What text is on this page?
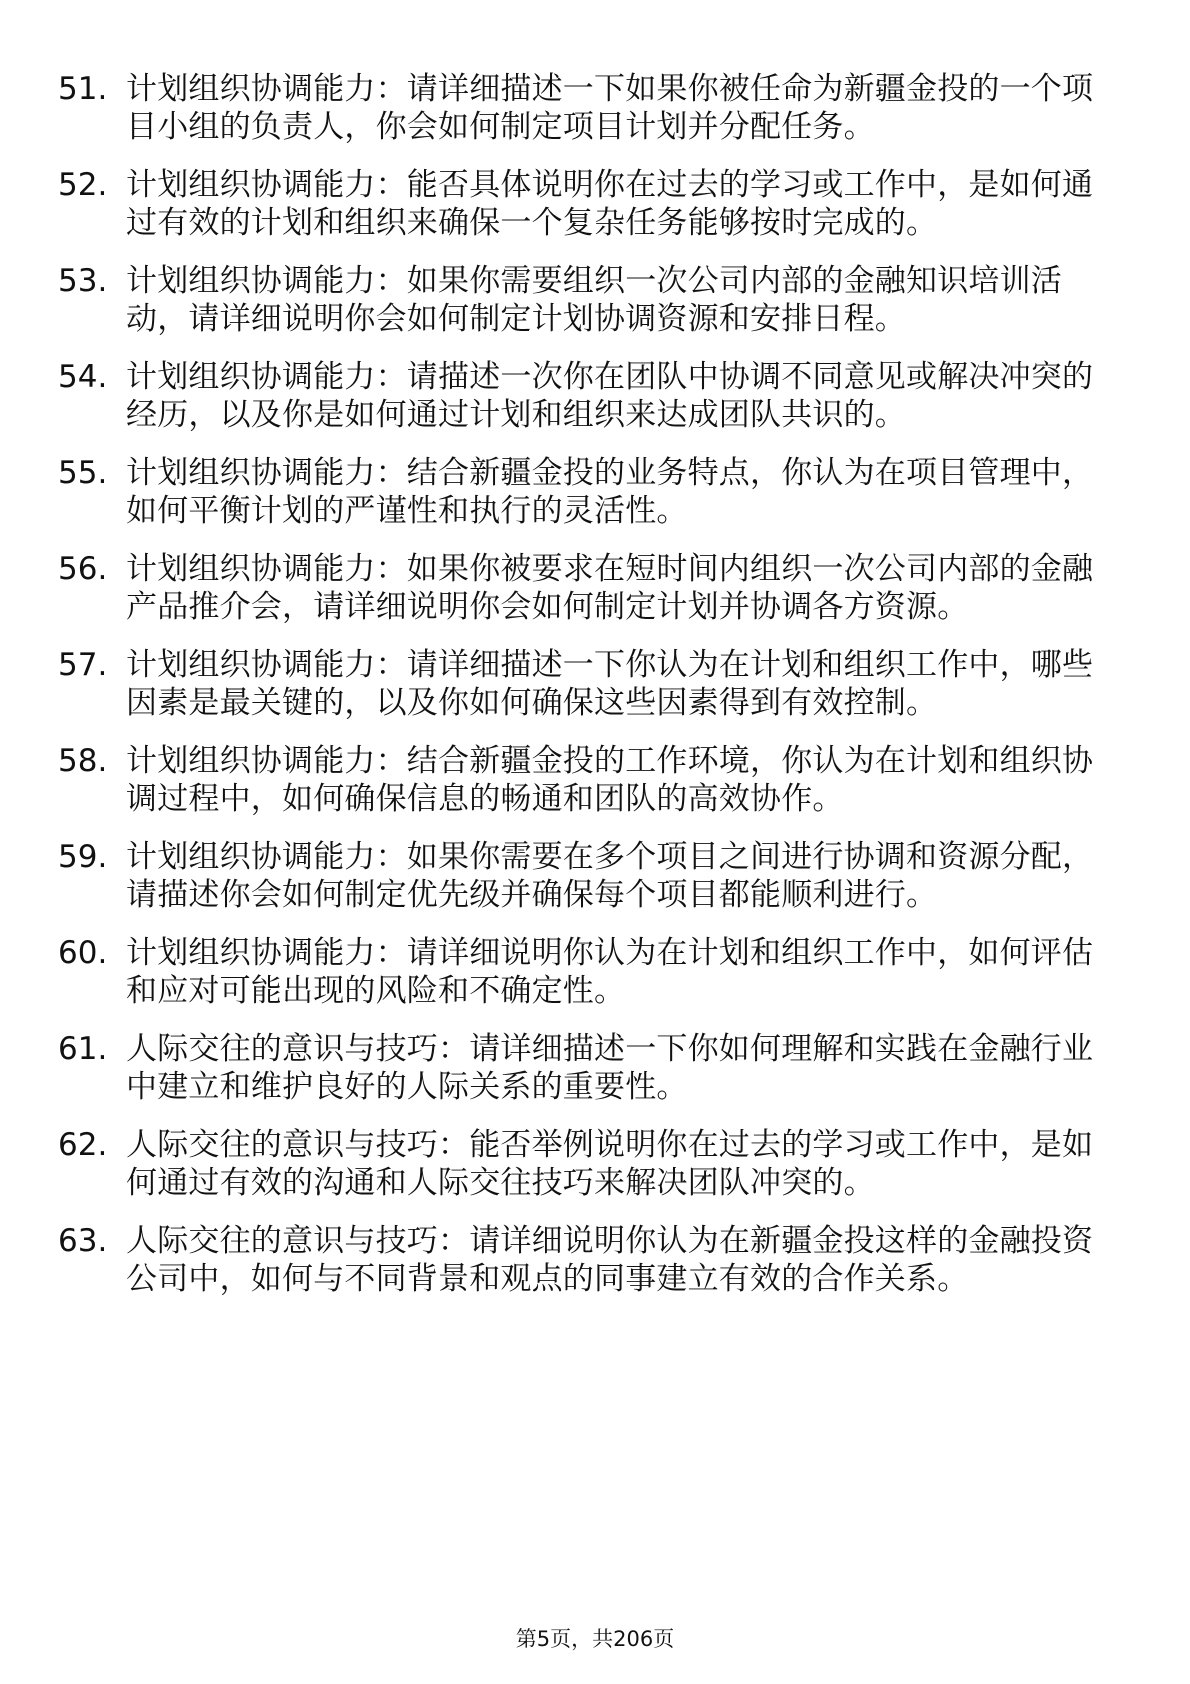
51. 计划组织协调能力：请详细描述一下如果你被任命为新疆金投的一个项目小组的负责人，你会如何制定项目计划并分配任务。
52. 计划组织协调能力：能否具体说明你在过去的学习或工作中，是如何通过有效的计划和组织来确保一个复杂任务能够按时完成的。
53. 计划组织协调能力：如果你需要组织一次公司内部的金融知识培训活动，请详细说明你会如何制定计划协调资源和安排日程。
54. 计划组织协调能力：请描述一次你在团队中协调不同意见或解决冲突的经历，以及你是如何通过计划和组织来达成团队共识的。
55. 计划组织协调能力：结合新疆金投的业务特点，你认为在项目管理中，如何平衡计划的严谨性和执行的灵活性。
56. 计划组织协调能力：如果你被要求在短时间内组织一次公司内部的金融产品推介会，请详细说明你会如何制定计划并协调各方资源。
57. 计划组织协调能力：请详细描述一下你认为在计划和组织工作中，哪些因素是最关键的，以及你如何确保这些因素得到有效控制。
58. 计划组织协调能力：结合新疆金投的工作环境，你认为在计划和组织协调过程中，如何确保信息的畅通和团队的高效协作。
59. 计划组织协调能力：如果你需要在多个项目之间进行协调和资源分配，请描述你会如何制定优先级并确保每个项目都能顺利进行。
60. 计划组织协调能力：请详细说明你认为在计划和组织工作中，如何评估和应对可能出现的风险和不确定性。
61. 人际交往的意识与技巧：请详细描述一下你如何理解和实践在金融行业中建立和维护良好的人际关系的重要性。
62. 人际交往的意识与技巧：能否举例说明你在过去的学习或工作中，是如何通过有效的沟通和人际交往技巧来解决团队冲突的。
63. 人际交往的意识与技巧：请详细说明你认为在新疆金投这样的金融投资公司中，如何与不同背景和观点的同事建立有效的合作关系。
第5页，共206页
